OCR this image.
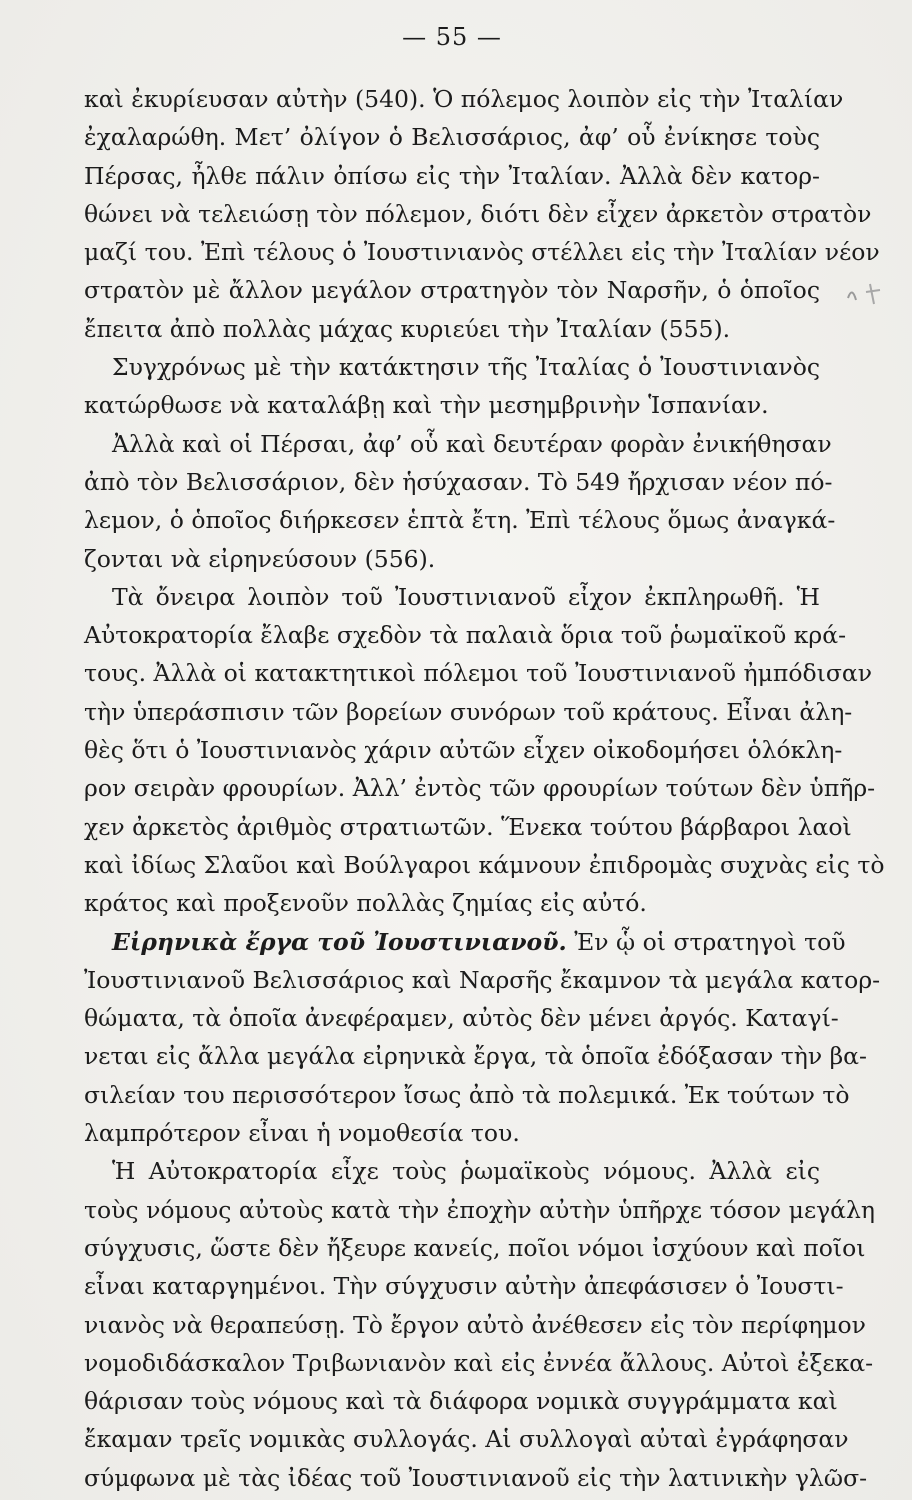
— 55 —
καὶ ἐκυρίευσαν αὐτὴν (540). Ὁ πόλεμος λοιπὸν εἰς τὴν Ἰταλίαν
ἐχαλαρώθη. Μετ’ ὀλίγον ὁ Βελισσάριος, ἀφ’ οὗ ἐνίκησε τοὺς
Πέρσας, ἦλθε πάλιν ὀπίσω εἰς τὴν Ἰταλίαν. Ἀλλὰ δὲν κατορ-
θώνει νὰ τελειώσῃ τὸν πόλεμον, διότι δὲν εἶχεν ἀρκετὸν στρατὸν
μαζί του. Ἐπὶ τέλους ὁ Ἰουστινιανὸς στέλλει εἰς τὴν Ἰταλίαν νέον
στρατὸν μὲ ἄλλον μεγάλον στρατηγὸν τὸν Ναρσῆν, ὁ ὁποῖος
ἔπειτα ἀπὸ πολλὰς μάχας κυριεύει τὴν Ἰταλίαν (555).
Συγχρόνως μὲ τὴν κατάκτησιν τῆς Ἰταλίας ὁ Ἰουστινιανὸς
κατώρθωσε νὰ καταλάβῃ καὶ τὴν μεσημβρινὴν Ἱσπανίαν.
Ἀλλὰ καὶ οἱ Πέρσαι, ἀφ’ οὗ καὶ δευτέραν φορὰν ἐνικήθησαν
ἀπὸ τὸν Βελισσάριον, δὲν ἡσύχασαν. Τὸ 549 ἤρχισαν νέον πό-
λεμον, ὁ ὁποῖος διήρκεσεν ἑπτὰ ἔτη. Ἐπὶ τέλους ὅμως ἀναγκά-
ζονται νὰ εἰρηνεύσουν (556).
Τὰ ὄνειρα λοιπὸν τοῦ Ἰουστινιανοῦ εἶχον ἐκπληρωθῆ. Ἡ
Αὐτοκρατορία ἔλαβε σχεδὸν τὰ παλαιὰ ὅρια τοῦ ῥωμαϊκοῦ κρά-
τους. Ἀλλὰ οἱ κατακτητικοὶ πόλεμοι τοῦ Ἰουστινιανοῦ ἠμπόδισαν
τὴν ὑπεράσπισιν τῶν βορείων συνόρων τοῦ κράτους. Εἶναι ἀλη-
θὲς ὅτι ὁ Ἰουστινιανὸς χάριν αὐτῶν εἶχεν οἰκοδομήσει ὁλόκλη-
ρον σειρὰν φρουρίων. Ἀλλ’ ἐντὸς τῶν φρουρίων τούτων δὲν ὑπῆρ-
χεν ἀρκετὸς ἀριθμὸς στρατιωτῶν. Ἕνεκα τούτου βάρβαροι λαοὶ
καὶ ἰδίως Σλαῦοι καὶ Βούλγαροι κάμνουν ἐπιδρομὰς συχνὰς εἰς τὸ
κράτος καὶ προξενοῦν πολλὰς ζημίας εἰς αὐτό.
Εἰρηνικὰ ἔργα τοῦ Ἰουστινιανοῦ. Ἐν ᾧ οἱ στρατηγοὶ τοῦ
Ἰουστινιανοῦ Βελισσάριος καὶ Ναρσῆς ἔκαμνον τὰ μεγάλα κατορ-
θώματα, τὰ ὁποῖα ἀνεφέραμεν, αὐτὸς δὲν μένει ἀργός. Καταγί-
νεται εἰς ἄλλα μεγάλα εἰρηνικὰ ἔργα, τὰ ὁποῖα ἐδόξασαν τὴν βα-
σιλείαν του περισσότερον ἴσως ἀπὸ τὰ πολεμικά. Ἐκ τούτων τὸ
λαμπρότερον εἶναι ἡ νομοθεσία του.
Ἡ Αὐτοκρατορία εἶχε τοὺς ῥωμαϊκοὺς νόμους. Ἀλλὰ εἰς
τοὺς νόμους αὐτοὺς κατὰ τὴν ἐποχὴν αὐτὴν ὑπῆρχε τόσον μεγάλη
σύγχυσις, ὥστε δὲν ἤξευρε κανείς, ποῖοι νόμοι ἰσχύουν καὶ ποῖοι
εἶναι καταργημένοι. Τὴν σύγχυσιν αὐτὴν ἀπεφάσισεν ὁ Ἰουστι-
νιανὸς νὰ θεραπεύσῃ. Τὸ ἔργον αὐτὸ ἀνέθεσεν εἰς τὸν περίφημον
νομοδιδάσκαλον Τριβωνιανὸν καὶ εἰς ἐννέα ἄλλους. Αὐτοὶ ἐξεκα-
θάρισαν τοὺς νόμους καὶ τὰ διάφορα νομικὰ συγγράμματα καὶ
ἔκαμαν τρεῖς νομικὰς συλλογάς. Αἱ συλλογαὶ αὐταὶ ἐγράφησαν
σύμφωνα μὲ τὰς ἰδέας τοῦ Ἰουστινιανοῦ εἰς τὴν λατινικὴν γλῶσ-
